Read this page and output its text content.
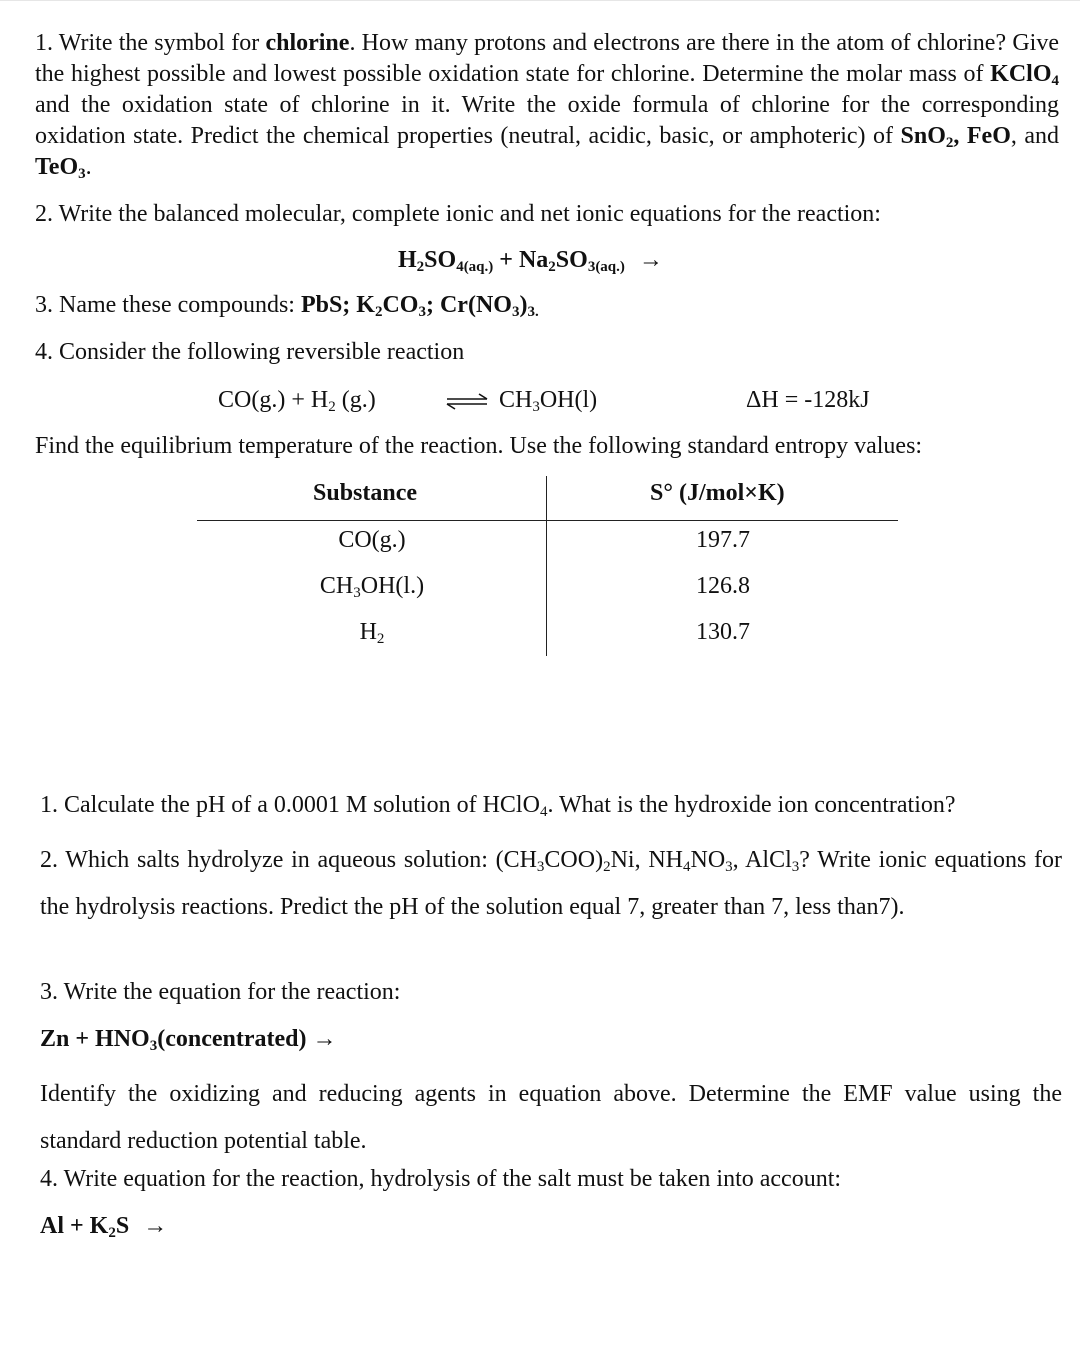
1. Write the symbol for chlorine. How many protons and electrons are there in the atom of chlorine? Give the highest possible and lowest possible oxidation state for chlorine. Determine the molar mass of KClO$_4$ and the oxidation state of chlorine in it. Write the oxide formula of chlorine for the corresponding oxidation state. Predict the chemical properties (neutral, acidic, basic, or amphoteric) of SnO$_2$, FeO, and TeO$_3$.
2. Write the balanced molecular, complete ionic and net ionic equations for the reaction:
$H_2SO_{4(aq.)} + Na_2SO_{3(aq.)}$ →
3. Name these compounds: PbS; $K_2CO_3$; $Cr(NO_3)_{3.}$
4. Consider the following reversible reaction
$CO(g.) + H_2$ (g.)	⇌ $CH_3OH(l)$	ΔH = -128kJ
Find the equilibrium temperature of the reaction. Use the following standard entropy values:
Substance	S° (J/mol×K)
CO(g.)	197.7
$CH_3OH(l.)$	126.8
$H_2$	130.7
1. Calculate the pH of a 0.0001 M solution of HClO$_4$. What is the hydroxide ion concentration?
2. Which salts hydrolyze in aqueous solution: $(CH_3COO)_2Ni$, $NH_4NO_3$, AlCl$_3$? Write ionic equations for the hydrolysis reactions. Predict the pH of the solution equal 7, greater than 7, less than7).
3. Write the equation for the reaction:
$Zn + HNO_3(concentrated)$ →
Identify the oxidizing and reducing agents in equation above. Determine the EMF value using the standard reduction potential table.
4. Write equation for the reaction, hydrolysis of the salt must be taken into account:
$Al + K_2S$ →
